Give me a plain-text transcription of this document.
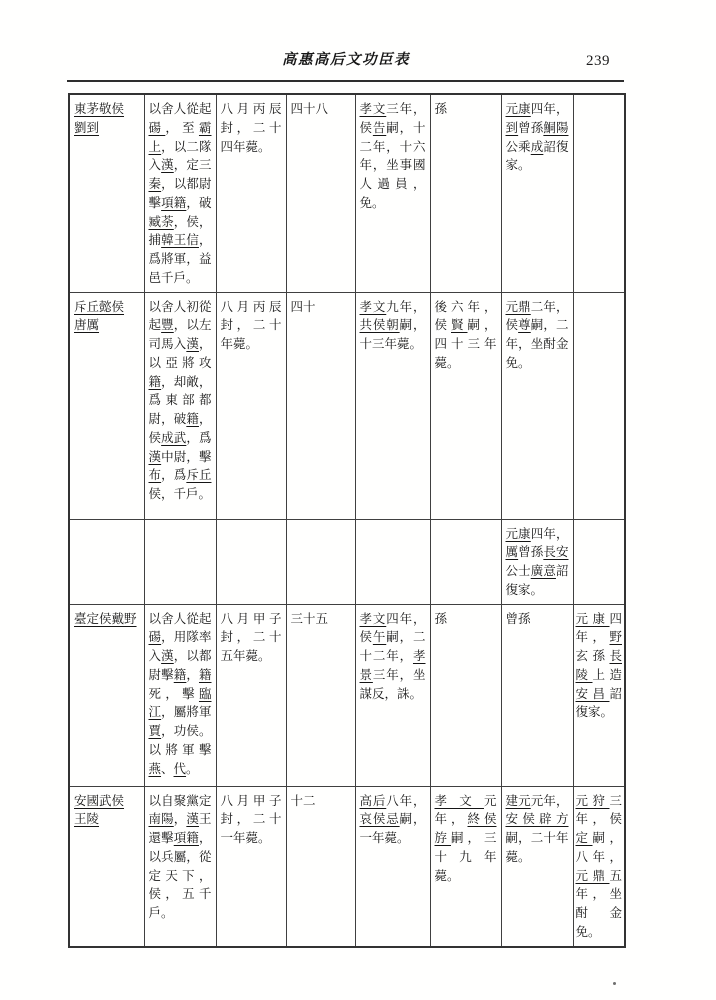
高惠高后文功臣表	239
東茅敬侯
劉到	以舍人從起碭，至霸上，以二隊入漢，定三秦，以都尉擊項籍，破臧荼，侯，捕韓王信，爲將軍，益邑千戶。	八月丙辰封，二十四年薨。	四十八	孝文三年，侯告嗣，十二年，十六年，坐事國人過員，免。	孫	元康四年，到曾孫鮦陽公乘成詔復家。	
斥丘懿侯
唐厲	以舍人初從起豐，以左司馬入漢，以亞將攻籍，却敵，爲東部都尉，破籍，侯成武，爲漢中尉，擊布，爲斥丘侯，千戶。	八月丙辰封，二十年薨。	四十	孝文九年，共侯朝嗣，十三年薨。	後六年，侯賢嗣，四十三年薨。	元鼎二年，侯尊嗣，二年，坐酎金免。	
						元康四年，厲曾孫長安公士廣意詔復家。	
臺定侯戴野	以舍人從起碭，用隊率入漢，以都尉擊籍，籍死，擊臨江，屬將軍賈，功侯。以將軍擊燕、代。	八月甲子封，二十五年薨。	三十五	孝文四年，侯午嗣，二十二年，孝景三年，坐謀反，誅。	孫	曾孫	元康四年，野玄孫長陵上造安昌詔復家。
安國武侯
王陵	以自聚黨定南陽，漢王還擊項籍，以兵屬，從定天下，侯，五千戶。	八月甲子封，二十一年薨。	十二	高后八年，哀侯忌嗣，一年薨。	孝文元年，終侯斿嗣，三十九年薨。	建元元年，安侯辟方嗣，二十年薨。	元狩三年，侯定嗣，八年，元鼎五年，坐酎金免。
